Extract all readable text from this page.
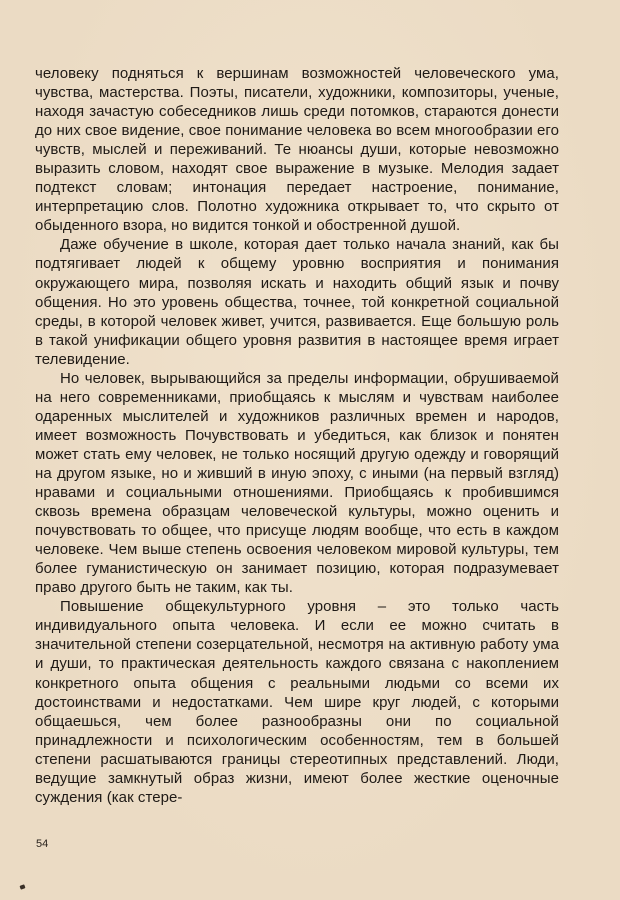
человеку подняться к вершинам возможностей человеческого ума, чувства, мастерства. Поэты, писатели, художники, композиторы, ученые, находя зачастую собеседников лишь среди потомков, стараются донести до них свое видение, свое понимание человека во всем многообразии его чувств, мыслей и переживаний. Те нюансы души, которые невозможно выразить словом, находят свое выражение в музыке. Мелодия задает подтекст словам; интонация передает настроение, понимание, интерпретацию слов. Полотно художника открывает то, что скрыто от обыденного взора, но видится тонкой и обостренной душой.

Даже обучение в школе, которая дает только начала знаний, как бы подтягивает людей к общему уровню восприятия и понимания окружающего мира, позволяя искать и находить общий язык и почву общения. Но это уровень общества, точнее, той конкретной социальной среды, в которой человек живет, учится, развивается. Еще большую роль в такой унификации общего уровня развития в настоящее время играет телевидение.

Но человек, вырывающийся за пределы информации, обрушиваемой на него современниками, приобщаясь к мыслям и чувствам наиболее одаренных мыслителей и художников различных времен и народов, имеет возможность Почувствовать и убедиться, как близок и понятен может стать ему человек, не только носящий другую одежду и говорящий на другом языке, но и живший в иную эпоху, с иными (на первый взгляд) нравами и социальными отношениями. Приобщаясь к пробившимся сквозь времена образцам человеческой культуры, можно оценить и почувствовать то общее, что присуще людям вообще, что есть в каждом человеке. Чем выше степень освоения человеком мировой культуры, тем более гуманистическую он занимает позицию, которая подразумевает право другого быть не таким, как ты.

Повышение общекультурного уровня – это только часть индивидуального опыта человека. И если ее можно считать в значительной степени созерцательной, несмотря на активную работу ума и души, то практическая деятельность каждого связана с накоплением конкретного опыта общения с реальными людьми со всеми их достоинствами и недостатками. Чем шире круг людей, с которыми общаешься, чем более разнообразны они по социальной принадлежности и психологическим особенностям, тем в большей степени расшатываются границы стереотипных представлений. Люди, ведущие замкнутый образ жизни, имеют более жесткие оценочные суждения (как стере-

54
